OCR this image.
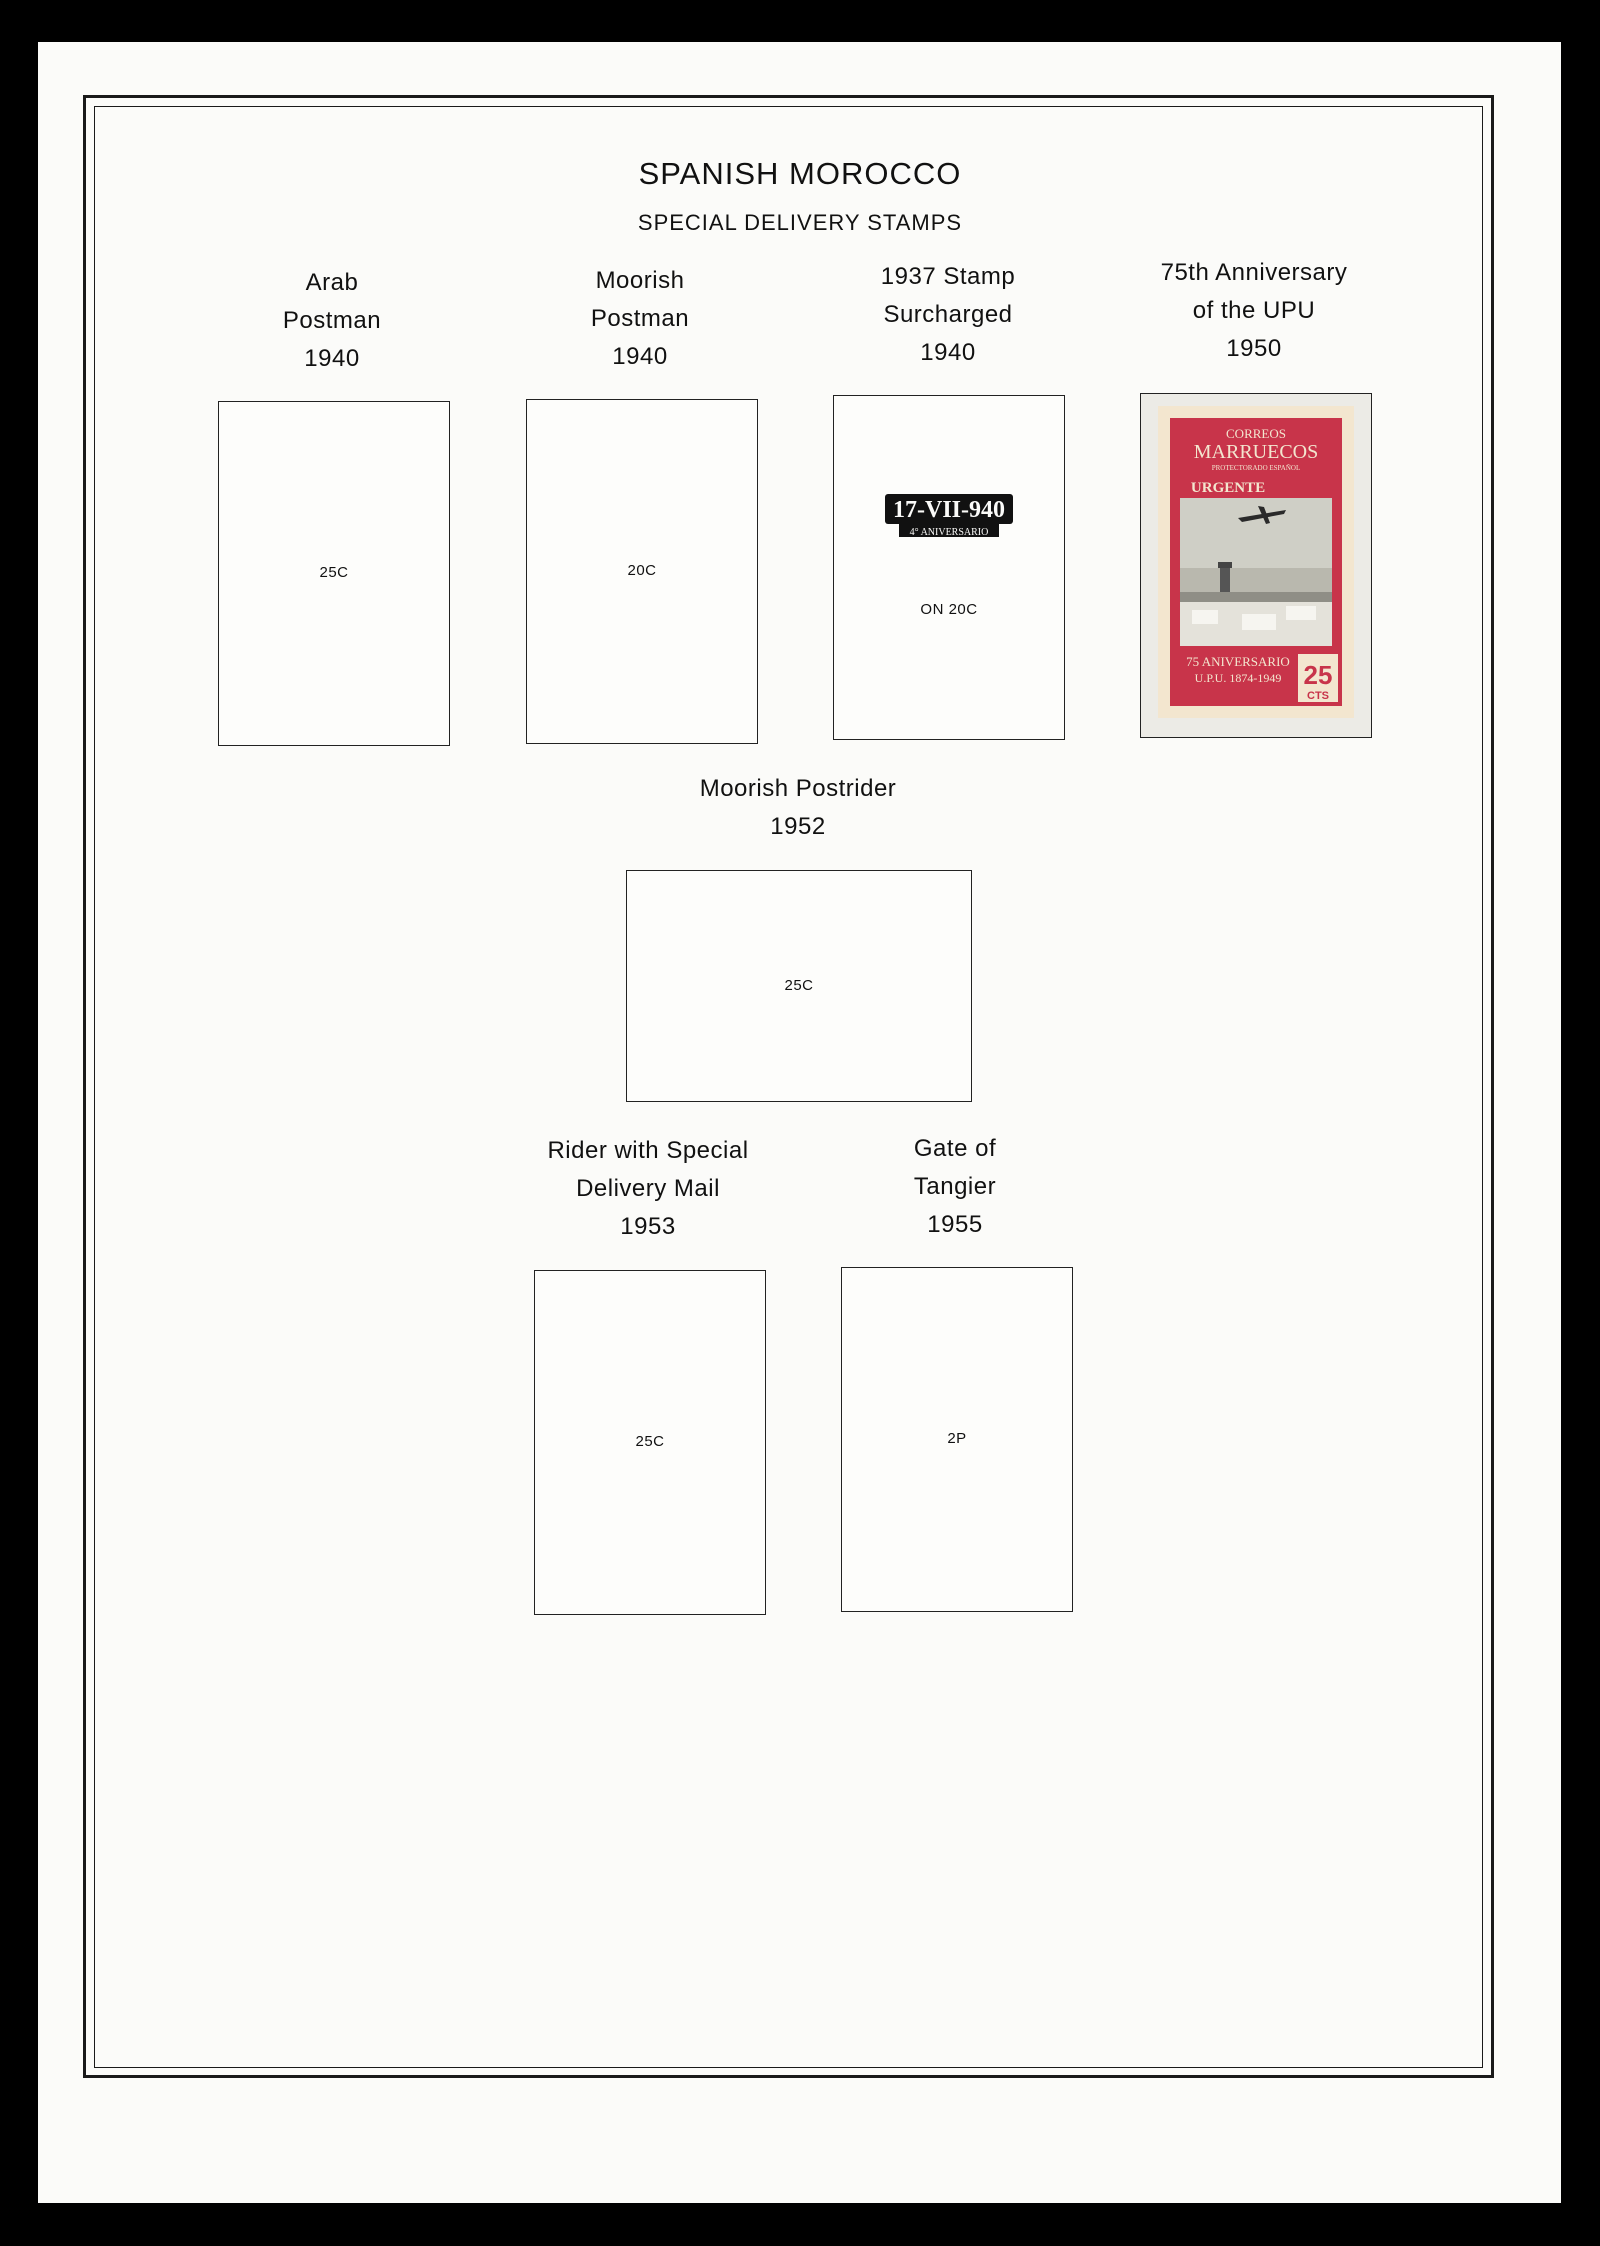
SPANISH MOROCCO
SPECIAL DELIVERY STAMPS
Arab
Postman
1940
25C
Moorish
Postman
1940
20C
1937 Stamp
Surcharged
1940
17-VII-940
4° ANIVERSARIO
ON 20C
75th Anniversary
of the UPU
1950
25
CTS
CORREOS
MARRUECOS
PROTECTORADO ESPAÑOL
URGENTE
75 ANIVERSARIO
U.P.U. 1874-1949
Moorish Postrider
1952
25C
Rider with Special
Delivery Mail
1953
25C
Gate of
Tangier
1955
2P
